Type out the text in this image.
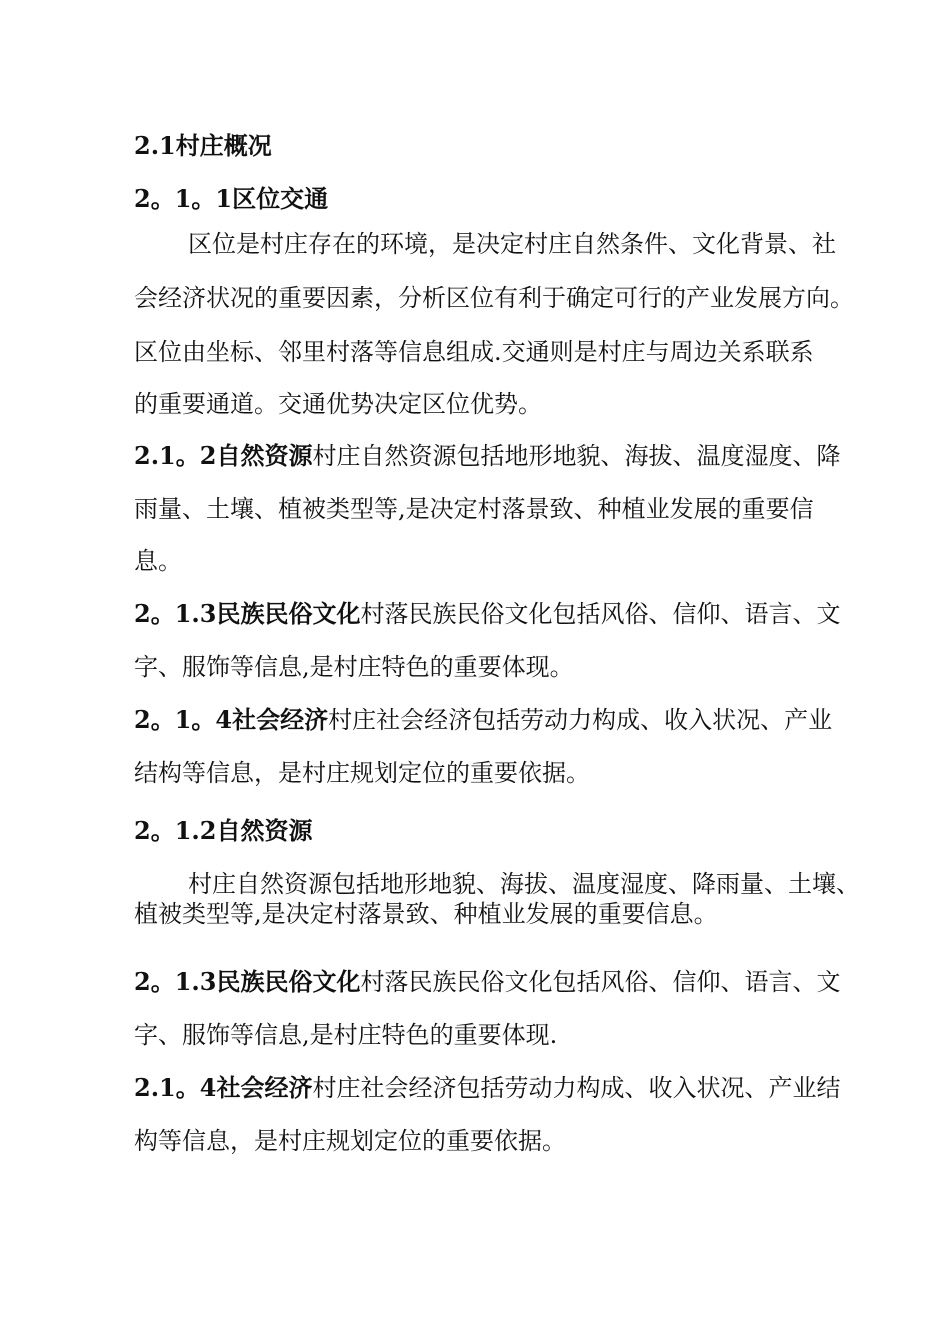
2.1村庄概况
2。1。1区位交通
区位是村庄存在的环境，是决定村庄自然条件、文化背景、社
会经济状况的重要因素，分析区位有利于确定可行的产业发展方向。
区位由坐标、邻里村落等信息组成.交通则是村庄与周边关系联系
的重要通道。交通优势决定区位优势。
2.1。2自然资源村庄自然资源包括地形地貌、海拔、温度湿度、降
雨量、土壤、植被类型等,是决定村落景致、种植业发展的重要信
息。
2。1.3民族民俗文化村落民族民俗文化包括风俗、信仰、语言、文
字、服饰等信息,是村庄特色的重要体现。
2。1。4社会经济村庄社会经济包括劳动力构成、收入状况、产业
结构等信息，是村庄规划定位的重要依据。
2。1.2自然资源
村庄自然资源包括地形地貌、海拔、温度湿度、降雨量、土壤、
植被类型等,是决定村落景致、种植业发展的重要信息。
2。1.3民族民俗文化村落民族民俗文化包括风俗、信仰、语言、文
字、服饰等信息,是村庄特色的重要体现.
2.1。4社会经济村庄社会经济包括劳动力构成、收入状况、产业结
构等信息，是村庄规划定位的重要依据。
